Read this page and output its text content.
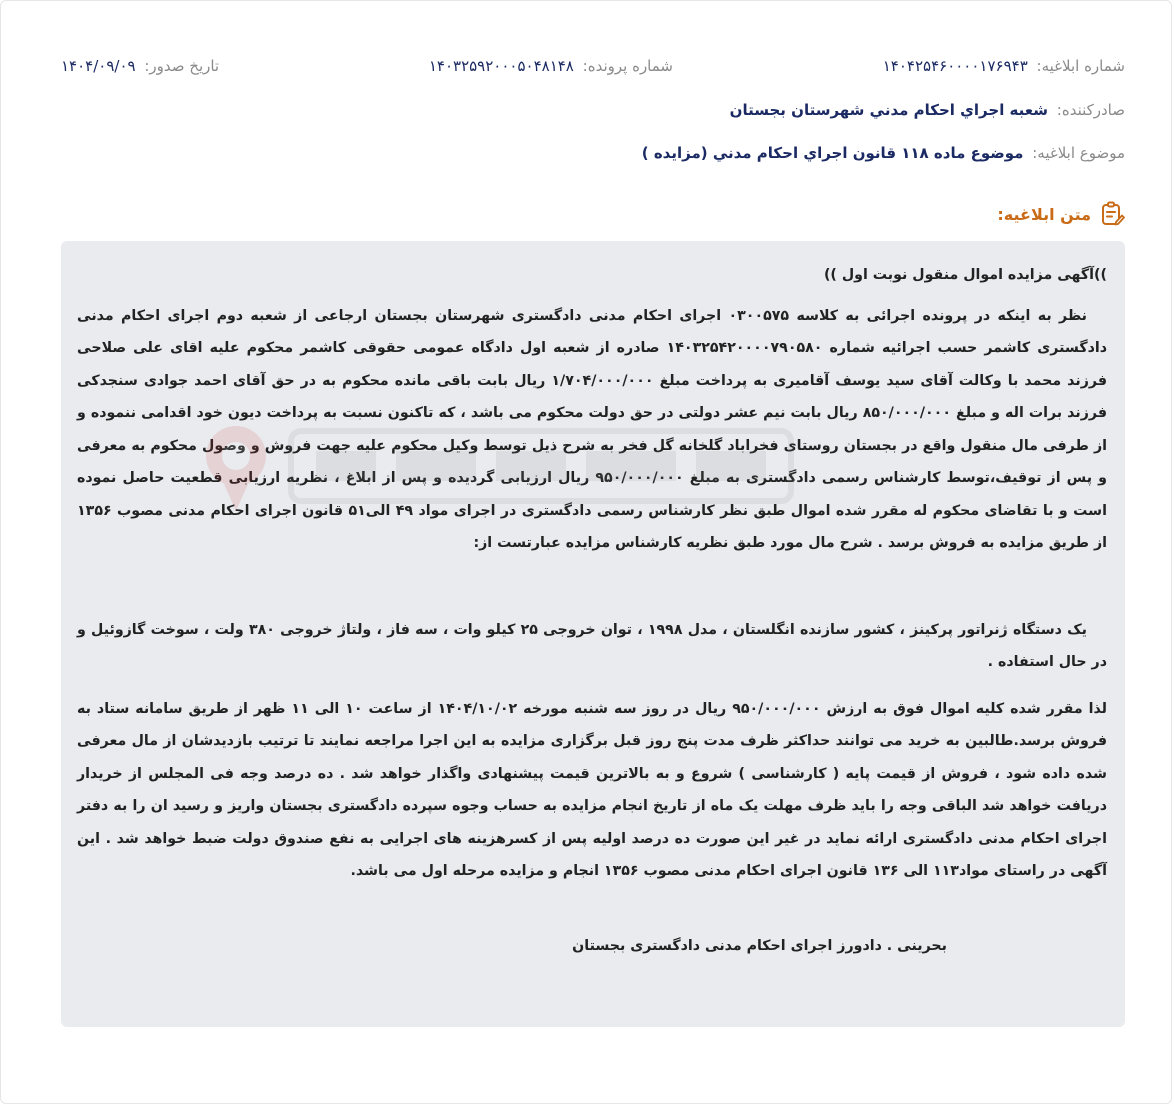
شماره ابلاغیه: ۱۴۰۴۲۵۴۶۰۰۰۰۱۷۶۹۴۳
شماره پرونده: ۱۴۰۳۲۵۹۲۰۰۰۵۰۴۸۱۴۸
تاریخ صدور: ۱۴۰۴/۰۹/۰۹
صادرکننده: شعبه اجراي احكام مدني شهرستان بجستان
موضوع ابلاغیه: موضوع ماده ۱۱۸ قانون اجراي احكام مدني (مزايده )
متن ابلاغیه:

))آگهی مزایده اموال منقول نوبت اول ))

نظر به اینکه در پرونده اجرائی به کلاسه ۰۳۰۰۵۷۵ اجرای احکام مدنی دادگستری شهرستان بجستان ارجاعی از شعبه دوم اجرای احکام مدنی دادگستری کاشمر حسب اجرائیه شماره ۱۴۰۳۲۵۴۲۰۰۰۰۷۹۰۵۸۰ صادره از شعبه اول دادگاه عمومی حقوقی کاشمر محکوم علیه اقای علی صلاحی فرزند محمد با وکالت آقای سید یوسف آقامیری به پرداخت مبلغ ۱/۷۰۴/۰۰۰/۰۰۰ ریال بابت باقی مانده محکوم به در حق آقای احمد جوادی سنجدکی فرزند برات اله و مبلغ ۸۵۰/۰۰۰/۰۰۰ ریال بابت نیم عشر دولتی در حق دولت محکوم می باشد ، که تاکنون نسبت به پرداخت دیون خود اقدامی ننموده و از طرفی مال منقول واقع در بجستان روستای فخراباد گلخانه گل فخر به شرح ذیل توسط وکیل محکوم علیه جهت فروش و وصول محکوم به معرفی و پس از توقیف،توسط کارشناس رسمی دادگستری به مبلغ ۹۵۰/۰۰۰/۰۰۰ ریال ارزیابی گردیده و پس از ابلاغ ، نظریه ارزیابی قطعیت حاصل نموده است و با تقاضای محکوم له مقرر شده اموال طبق نظر کارشناس رسمی دادگستری در اجرای مواد ۴۹ الی۵۱ قانون اجرای احکام مدنی مصوب ۱۳۵۶ از طریق مزایده به فروش برسد . شرح مال مورد طبق نظریه کارشناس مزایده عبارتست از:

یک دستگاه ژنراتور پرکینز ، کشور سازنده انگلستان ، مدل ۱۹۹۸ ، توان خروجی ۲۵ کیلو وات ، سه فاز ، ولتاژ خروجی ۳۸۰ ولت ، سوخت گازوئیل و در حال استفاده .

لذا مقرر شده کلیه اموال فوق به ارزش ۹۵۰/۰۰۰/۰۰۰ ریال در روز سه شنبه مورخه ۱۴۰۴/۱۰/۰۲ از ساعت ۱۰ الی ۱۱ ظهر از طریق سامانه ستاد به فروش برسد.طالبین به خرید می توانند حداکثر ظرف مدت پنج روز قبل برگزاری مزایده به این اجرا مراجعه نمایند تا ترتیب بازدیدشان از مال معرفی شده داده شود ، فروش از قیمت پایه ( کارشناسی ) شروع و به بالاترین قیمت پیشنهادی واگذار خواهد شد . ده درصد وجه فی المجلس از خریدار دریافت خواهد شد الباقی وجه را باید ظرف مهلت یک ماه از تاریخ انجام مزایده به حساب وجوه سپرده دادگستری بجستان واریز و رسید ان را به دفتر اجرای احکام مدنی دادگستری ارائه نماید در غیر این صورت ده درصد اولیه پس از کسرهزینه های اجرایی به نفع صندوق دولت ضبط خواهد شد . این آگهی در راستای مواد۱۱۳ الی ۱۳۶ قانون اجرای احکام مدنی مصوب ۱۳۵۶ انجام و مزایده مرحله اول می باشد.

بحرینی . دادورز اجرای احکام مدنی دادگستری بجستان
